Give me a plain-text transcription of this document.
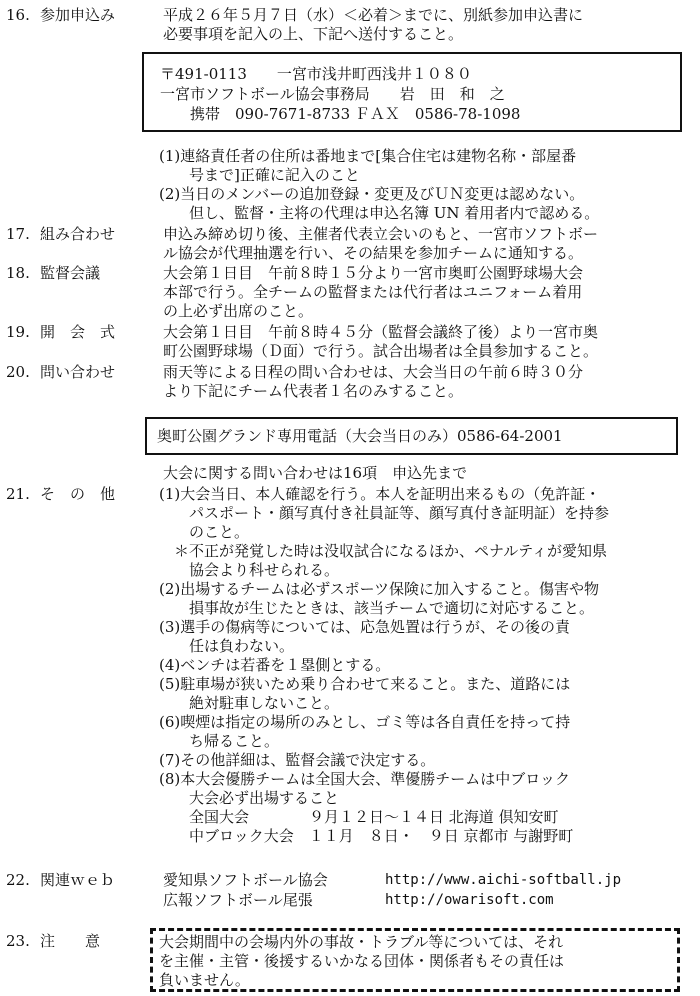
16. 参加申込み	平成２６年５月７日（水）＜必着＞までに、別紙参加申込書に
必要事項を記入の上、下記へ送付すること。
〒491-0113　　一宮市浅井町西浅井１０８０
一宮市ソフトボール協会事務局　　岩　田　和　之
　　携帯　090-7671-8733 ＦＡＸ　0586-78-1098
(1)連絡責任者の住所は番地まで[集合住宅は建物名称・部屋番
　　号まで]正確に記入のこと
(2)当日のメンバーの追加登録・変更及びＵＮ変更は認めない。
　　但し、監督・主将の代理は申込名簿 UN 着用者内で認める。
17. 組み合わせ	申込み締め切り後、主催者代表立会いのもと、一宮市ソフトボー
ル協会が代理抽選を行い、その結果を参加チームに通知する。
18. 監督会議	大会第１日目　午前８時１５分より一宮市奥町公園野球場大会
本部で行う。全チームの監督または代行者はユニフォーム着用
の上必ず出席のこと。
19. 開　会　式	大会第１日目　午前８時４５分（監督会議終了後）より一宮市奥
町公園野球場（Ｄ面）で行う。試合出場者は全員参加すること。
20. 問い合わせ	雨天等による日程の問い合わせは、大会当日の午前６時３０分
より下記にチーム代表者１名のみすること。
奥町公園グランド専用電話（大会当日のみ）0586-64-2001
大会に関する問い合わせは16項　申込先まで
21. そ　の　他	(1)大会当日、本人確認を行う。本人を証明出来るもの（免許証・
　　パスポート・顔写真付き社員証等、顔写真付き証明証）を持参
　　のこと。
　＊不正が発覚した時は没収試合になるほか、ペナルティが愛知県
　　協会より科せられる。
(2)出場するチームは必ずスポーツ保険に加入すること。傷害や物
　　損事故が生じたときは、該当チームで適切に対応すること。
(3)選手の傷病等については、応急処置は行うが、その後の責
　　任は負わない。
(4)ベンチは若番を１塁側とする。
(5)駐車場が狭いため乗り合わせて来ること。また、道路には
　　絶対駐車しないこと。
(6)喫煙は指定の場所のみとし、ゴミ等は各自責任を持って持
　　ち帰ること。
(7)その他詳細は、監督会議で決定する。
(8)本大会優勝チームは全国大会、準優勝チームは中ブロック
　　大会必ず出場すること
　　全国大会　　　　９月１２日～１４日 北海道 倶知安町
　　中ブロック大会　１１月　８日・　９日 京都市 与謝野町
22. 関連ｗｅｂ	愛知県ソフトボール協会	http://www.aichi-softball.jp
広報ソフトボール尾張	http://owarisoft.com
23. 注　　意	大会期間中の会場内外の事故・トラブル等については、それ
を主催・主管・後援するいかなる団体・関係者もその責任は
負いません。
